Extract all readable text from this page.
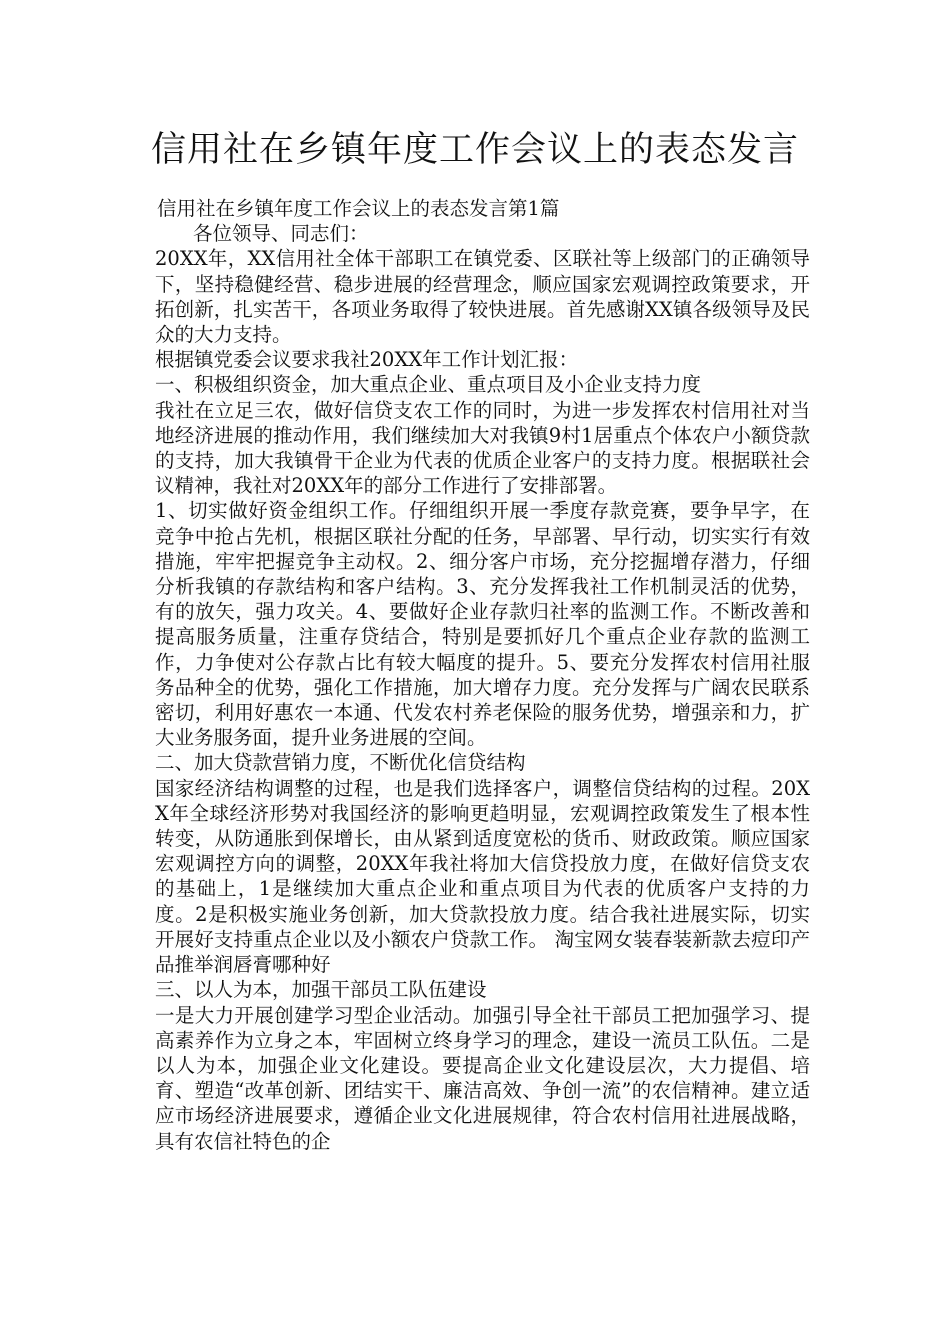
信用社在乡镇年度工作会议上的表态发言

信用社在乡镇年度工作会议上的表态发言第1篇

各位领导、同志们：

20XX年，XX信用社全体干部职工在镇党委、区联社等上级部门的正确领导下，坚持稳健经营、稳步进展的经营理念，顺应国家宏观调控政策要求，开拓创新，扎实苦干，各项业务取得了较快进展。首先感谢XX镇各级领导及民众的大力支持。

根据镇党委会议要求我社20XX年工作计划汇报：

一、积极组织资金，加大重点企业、重点项目及小企业支持力度

我社在立足三农，做好信贷支农工作的同时，为进一步发挥农村信用社对当地经济进展的推动作用，我们继续加大对我镇9村1居重点个体农户小额贷款的支持，加大我镇骨干企业为代表的优质企业客户的支持力度。根据联社会议精神，我社对20XX年的部分工作进行了安排部署。

1、切实做好资金组织工作。仔细组织开展一季度存款竞赛，要争早字，在竞争中抢占先机，根据区联社分配的任务，早部署、早行动，切实实行有效措施，牢牢把握竞争主动权。2、细分客户市场，充分挖掘增存潜力，仔细分析我镇的存款结构和客户结构。3、充分发挥我社工作机制灵活的优势，有的放矢，强力攻关。4、要做好企业存款归社率的监测工作。不断改善和提高服务质量，注重存贷结合，特别是要抓好几个重点企业存款的监测工作，力争使对公存款占比有较大幅度的提升。5、要充分发挥农村信用社服务品种全的优势，强化工作措施，加大增存力度。充分发挥与广阔农民联系密切，利用好惠农一本通、代发农村养老保险的服务优势，增强亲和力，扩大业务服务面，提升业务进展的空间。

二、加大贷款营销力度，不断优化信贷结构

国家经济结构调整的过程，也是我们选择客户，调整信贷结构的过程。20XX年全球经济形势对我国经济的影响更趋明显，宏观调控政策发生了根本性转变，从防通胀到保增长，由从紧到适度宽松的货币、财政政策。顺应国家宏观调控方向的调整，20XX年我社将加大信贷投放力度，在做好信贷支农的基础上，1是继续加大重点企业和重点项目为代表的优质客户支持的力度。2是积极实施业务创新，加大贷款投放力度。结合我社进展实际，切实开展好支持重点企业以及小额农户贷款工作。 淘宝网女装春装新款去痘印产品推举润唇膏哪种好

三、以人为本，加强干部员工队伍建设

一是大力开展创建学习型企业活动。加强引导全社干部员工把加强学习、提高素养作为立身之本，牢固树立终身学习的理念，建设一流员工队伍。二是以人为本，加强企业文化建设。要提高企业文化建设层次，大力提倡、培育、塑造“改革创新、团结实干、廉洁高效、争创一流”的农信精神。建立适应市场经济进展要求，遵循企业文化进展规律，符合农村信用社进展战略，具有农信社特色的企
